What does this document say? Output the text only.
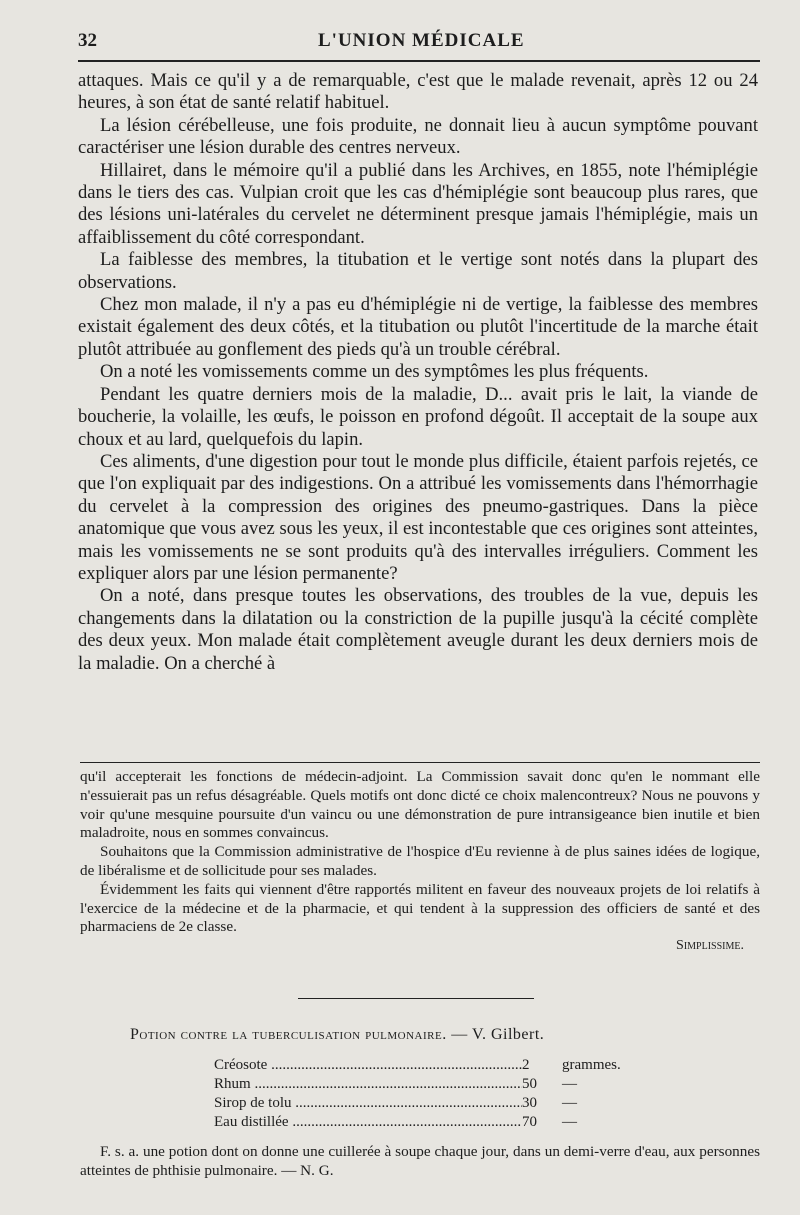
32	L'UNION MÉDICALE

attaques. Mais ce qu'il y a de remarquable, c'est que le malade revenait, après 12 ou 24 heures, à son état de santé relatif habituel.

La lésion cérébelleuse, une fois produite, ne donnait lieu à aucun symptôme pouvant caractériser une lésion durable des centres nerveux.

Hillairet, dans le mémoire qu'il a publié dans les Archives, en 1855, note l'hémiplégie dans le tiers des cas. Vulpian croit que les cas d'hémiplégie sont beaucoup plus rares, que des lésions uni-latérales du cervelet ne déterminent presque jamais l'hémiplégie, mais un affaiblissement du côté correspondant.

La faiblesse des membres, la titubation et le vertige sont notés dans la plupart des observations.

Chez mon malade, il n'y a pas eu d'hémiplégie ni de vertige, la faiblesse des membres existait également des deux côtés, et la titubation ou plutôt l'incertitude de la marche était plutôt attribuée au gonflement des pieds qu'à un trouble cérébral.

On a noté les vomissements comme un des symptômes les plus fréquents.

Pendant les quatre derniers mois de la maladie, D... avait pris le lait, la viande de boucherie, la volaille, les œufs, le poisson en profond dégoût. Il acceptait de la soupe aux choux et au lard, quelquefois du lapin.

Ces aliments, d'une digestion pour tout le monde plus difficile, étaient parfois rejetés, ce que l'on expliquait par des indigestions. On a attribué les vomissements dans l'hémorrhagie du cervelet à la compression des origines des pneumo-gastriques. Dans la pièce anatomique que vous avez sous les yeux, il est incontestable que ces origines sont atteintes, mais les vomissements ne se sont produits qu'à des intervalles irréguliers. Comment les expliquer alors par une lésion permanente?

On a noté, dans presque toutes les observations, des troubles de la vue, depuis les changements dans la dilatation ou la constriction de la pupille jusqu'à la cécité complète des deux yeux. Mon malade était complètement aveugle durant les deux derniers mois de la maladie. On a cherché à

qu'il accepterait les fonctions de médecin-adjoint. La Commission savait donc qu'en le nommant elle n'essuierait pas un refus désagréable. Quels motifs ont donc dicté ce choix malencontreux? Nous ne pouvons y voir qu'une mesquine poursuite d'un vaincu ou une démonstration de pure intransigeance bien inutile et bien maladroite, nous en sommes convaincus.

Souhaitons que la Commission administrative de l'hospice d'Eu revienne à de plus saines idées de logique, de libéralisme et de sollicitude pour ses malades.

Évidemment les faits qui viennent d'être rapportés militent en faveur des nouveaux projets de loi relatifs à l'exercice de la médecine et de la pharmacie, et qui tendent à la suppression des officiers de santé et des pharmaciens de 2e classe.

Simplissime.
Potion contre la tuberculisation pulmonaire. — V. Gilbert.
Créosote .....	2	grammes.
Rhum .....	50	—
Sirop de tolu .....	30	—
Eau distillée .....	70	—

F. s. a. une potion dont on donne une cuillerée à soupe chaque jour, dans un demi-verre d'eau, aux personnes atteintes de phthisie pulmonaire. — N. G.
